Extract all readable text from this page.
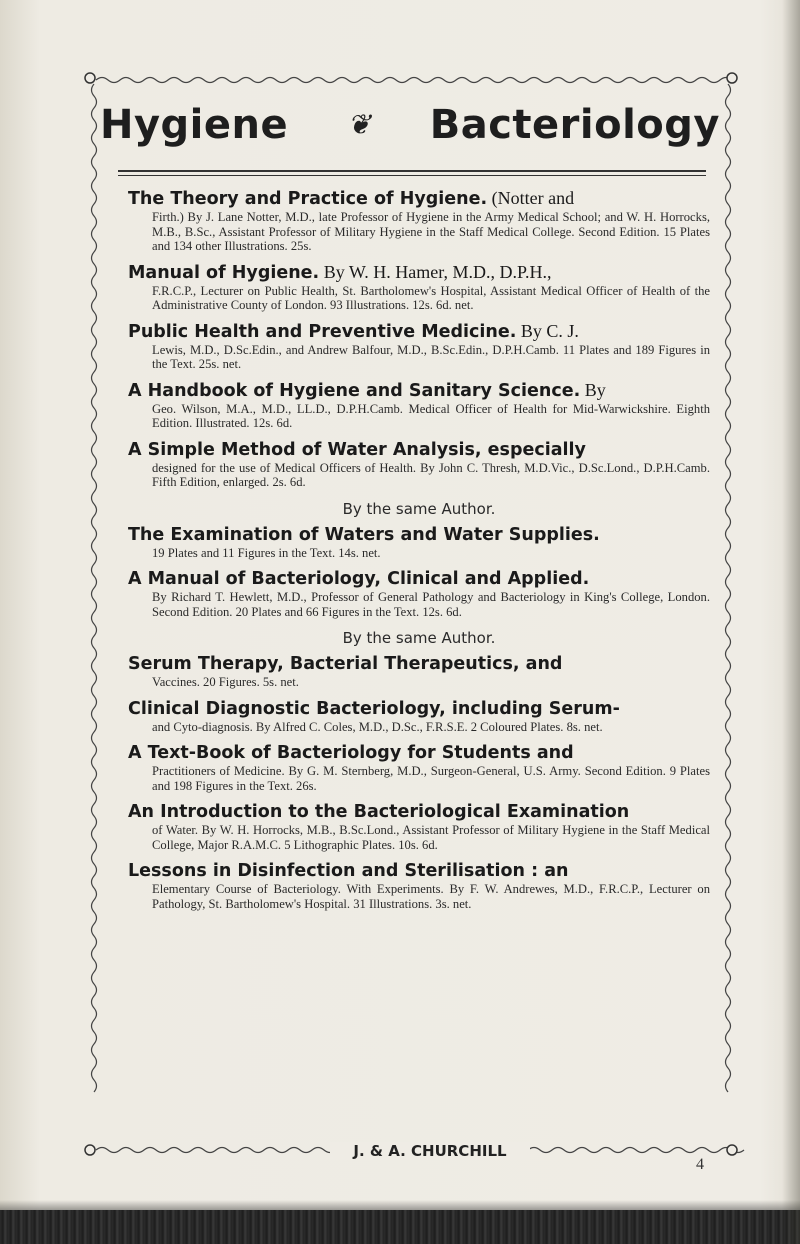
Hygiene ❦ Bacteriology
The Theory and Practice of Hygiene. (Notter and
Firth.) By J. Lane Notter, M.D., late Professor of Hygiene in the Army Medical School; and W. H. Horrocks, M.B., B.Sc., Assistant Professor of Military Hygiene in the Staff Medical College. Second Edition. 15 Plates and 134 other Illustrations. 25s.
Manual of Hygiene. By W. H. Hamer, M.D., D.P.H.,
F.R.C.P., Lecturer on Public Health, St. Bartholomew's Hospital, Assistant Medical Officer of Health of the Administrative County of London. 93 Illustrations. 12s. 6d. net.
Public Health and Preventive Medicine. By C. J.
Lewis, M.D., D.Sc.Edin., and Andrew Balfour, M.D., B.Sc.Edin., D.P.H.Camb. 11 Plates and 189 Figures in the Text. 25s. net.
A Handbook of Hygiene and Sanitary Science. By
Geo. Wilson, M.A., M.D., LL.D., D.P.H.Camb. Medical Officer of Health for Mid-Warwickshire. Eighth Edition. Illustrated. 12s. 6d.
A Simple Method of Water Analysis, especially
designed for the use of Medical Officers of Health. By John C. Thresh, M.D.Vic., D.Sc.Lond., D.P.H.Camb. Fifth Edition, enlarged. 2s. 6d.
By the same Author.
The Examination of Waters and Water Supplies.
19 Plates and 11 Figures in the Text. 14s. net.
A Manual of Bacteriology, Clinical and Applied.
By Richard T. Hewlett, M.D., Professor of General Pathology and Bacteriology in King's College, London. Second Edition. 20 Plates and 66 Figures in the Text. 12s. 6d.
By the same Author.
Serum Therapy, Bacterial Therapeutics, and
Vaccines. 20 Figures. 5s. net.
Clinical Diagnostic Bacteriology, including Serum-
and Cyto-diagnosis. By Alfred C. Coles, M.D., D.Sc., F.R.S.E. 2 Coloured Plates. 8s. net.
A Text-Book of Bacteriology for Students and
Practitioners of Medicine. By G. M. Sternberg, M.D., Surgeon-General, U.S. Army. Second Edition. 9 Plates and 198 Figures in the Text. 26s.
An Introduction to the Bacteriological Examination
of Water. By W. H. Horrocks, M.B., B.Sc.Lond., Assistant Professor of Military Hygiene in the Staff Medical College, Major R.A.M.C. 5 Lithographic Plates. 10s. 6d.
Lessons in Disinfection and Sterilisation : an
Elementary Course of Bacteriology. With Experiments. By F. W. Andrewes, M.D., F.R.C.P., Lecturer on Pathology, St. Bartholomew's Hospital. 31 Illustrations. 3s. net.
J. & A. CHURCHILL
4
